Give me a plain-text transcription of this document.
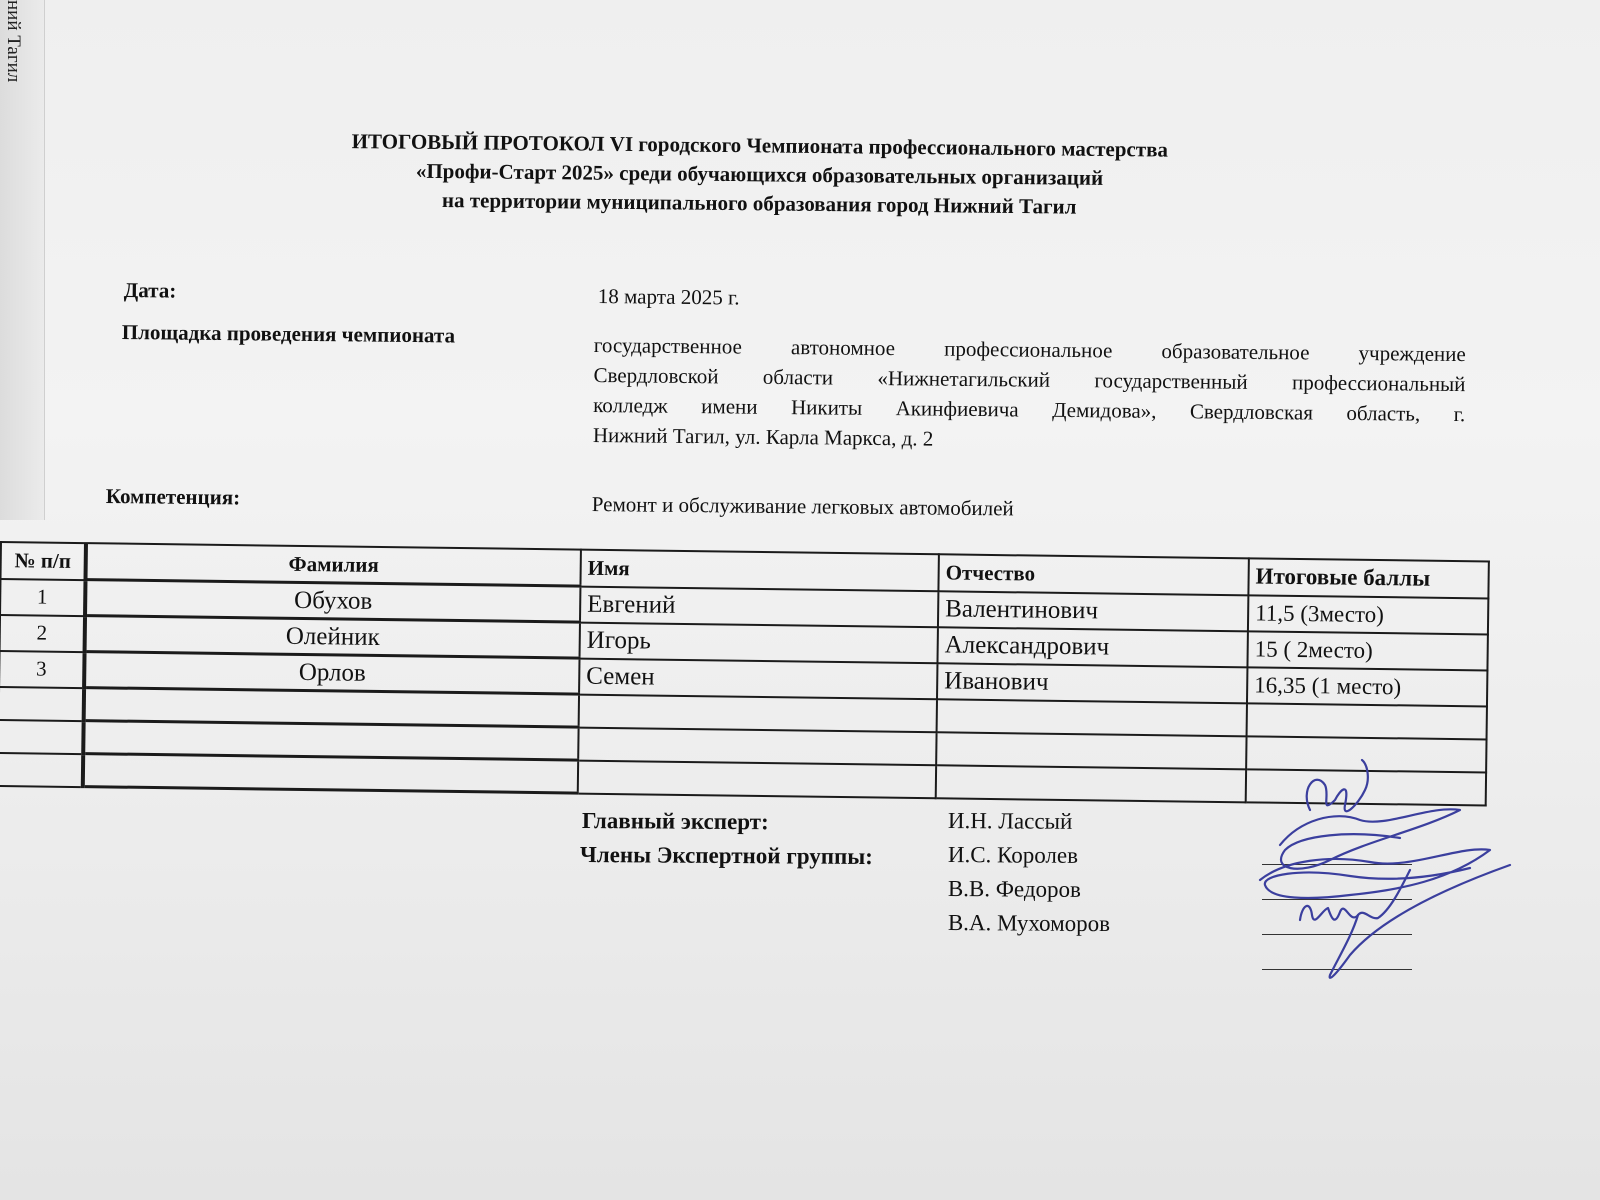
ний Тагил
ИТОГОВЫЙ ПРОТОКОЛ VI городского Чемпионата профессионального мастерства
«Профи-Старт 2025» среди обучающихся образовательных организаций
на территории муниципального образования город Нижний Тагил
Дата:	18 марта 2025 г.
Площадка проведения чемпионата	государственное автономное профессиональное образовательное учреждение
Свердловской области «Нижнетагильский государственный профессиональный
колледж имени Никиты Акинфиевича Демидова», Свердловская область, г.
Нижний Тагил, ул. Карла Маркса, д. 2
Компетенция:	Ремонт и обслуживание легковых автомобилей
№ п/п	Фамилия	Имя	Отчество	Итоговые баллы
1	Обухов	Евгений	Валентинович	11,5 (3место)
2	Олейник	Игорь	Александрович	15 ( 2место)
3	Орлов	Семен	Иванович	16,35 (1 место)

Главный эксперт:	И.Н. Лассый
Члены Экспертной группы:	И.С. Королев
В.В. Федоров
В.А. Мухоморов
